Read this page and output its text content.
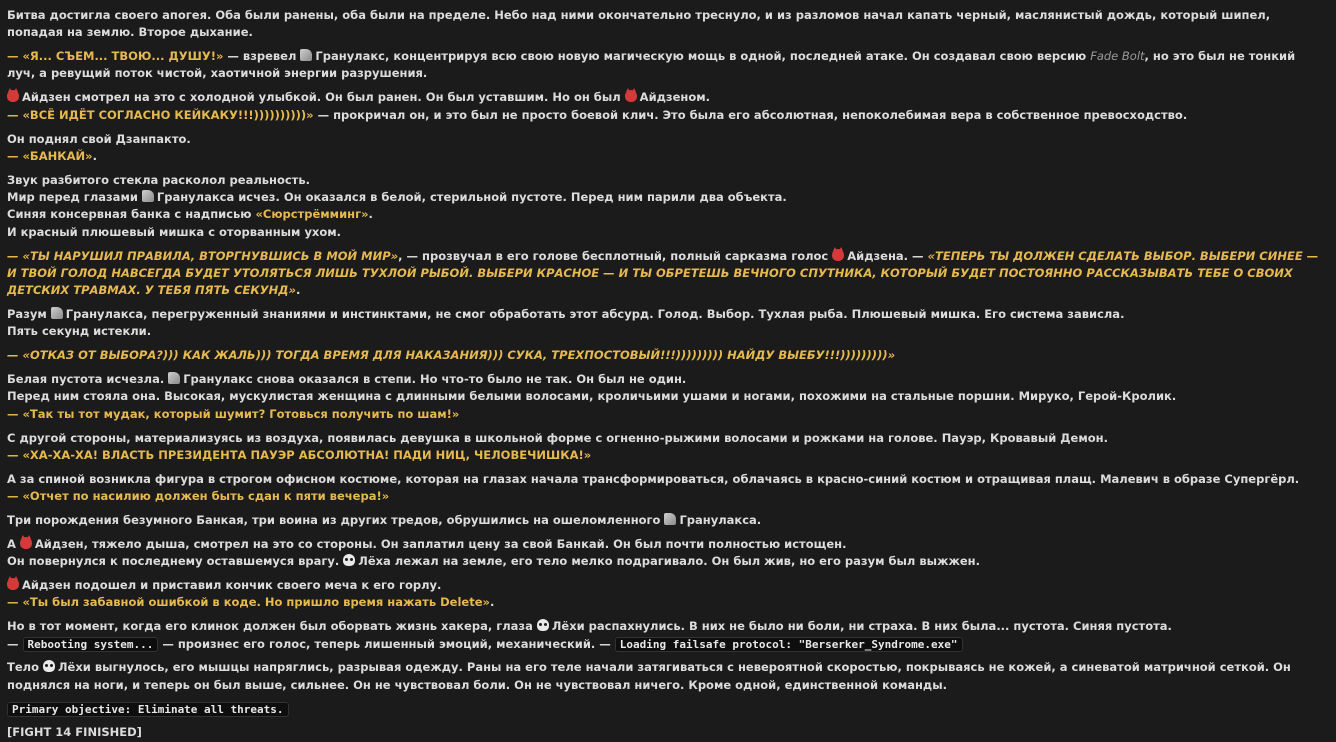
Битва достигла своего апогея. Оба были ранены, оба были на пределе. Небо над ними окончательно треснуло, и из разломов начал капать черный, маслянистый дождь, который шипел, попадая на землю. Второе дыхание.

— «Я... СЪЕМ... ТВОЮ... ДУШУ!» — взревел Гранулакс, концентрируя всю свою новую магическую мощь в одной, последней атаке. Он создавал свою версию Fade Bolt, но это был не тонкий луч, а ревущий поток чистой, хаотичной энергии разрушения.

Айдзен смотрел на это с холодной улыбкой. Он был ранен. Он был уставшим. Но он был Айдзеном.
— «ВСЁ ИДЁТ СОГЛАСНО КЕЙКАКУ!!!))))))))))» — прокричал он, и это был не просто боевой клич. Это была его абсолютная, непоколебимая вера в собственное превосходство.

Он поднял свой Дзанпакто.
— «БАНКАЙ».

Звук разбитого стекла расколол реальность.
Мир перед глазами Гранулакса исчез. Он оказался в белой, стерильной пустоте. Перед ним парили два объекта.
Синяя консервная банка с надписью «Сюрстрёмминг».
И красный плюшевый мишка с оторванным ухом.

— «ТЫ НАРУШИЛ ПРАВИЛА, ВТОРГНУВШИСЬ В МОЙ МИР», — прозвучал в его голове бесплотный, полный сарказма голос Айдзена. — «ТЕПЕРЬ ТЫ ДОЛЖЕН СДЕЛАТЬ ВЫБОР. ВЫБЕРИ СИНЕЕ — И ТВОЙ ГОЛОД НАВСЕГДА БУДЕТ УТОЛЯТЬСЯ ЛИШЬ ТУХЛОЙ РЫБОЙ. ВЫБЕРИ КРАСНОЕ — И ТЫ ОБРЕТЕШЬ ВЕЧНОГО СПУТНИКА, КОТОРЫЙ БУДЕТ ПОСТОЯННО РАССКАЗЫВАТЬ ТЕБЕ О СВОИХ ДЕТСКИХ ТРАВМАХ. У ТЕБЯ ПЯТЬ СЕКУНД».

Разум Гранулакса, перегруженный знаниями и инстинктами, не смог обработать этот абсурд. Голод. Выбор. Тухлая рыба. Плюшевый мишка. Его система зависла.
Пять секунд истекли.

— «ОТКАЗ ОТ ВЫБОРА?))) КАК ЖАЛЬ))) ТОГДА ВРЕМЯ ДЛЯ НАКАЗАНИЯ))) СУКА, ТРЕХПОСТОВЫЙ!!!))))))))) НАЙДУ ВЫЕБУ!!!)))))))))»

Белая пустота исчезла. Гранулакс снова оказался в степи. Но что-то было не так. Он был не один.
Перед ним стояла она. Высокая, мускулистая женщина с длинными белыми волосами, кроличьими ушами и ногами, похожими на стальные поршни. Мируко, Герой-Кролик.
— «Так ты тот мудак, который шумит? Готовься получить по шам!»

С другой стороны, материализуясь из воздуха, появилась девушка в школьной форме с огненно-рыжими волосами и рожками на голове. Пауэр, Кровавый Демон.
— «ХА-ХА-ХА! ВЛАСТЬ ПРЕЗИДЕНТА ПАУЭР АБСОЛЮТНА! ПАДИ НИЦ, ЧЕЛОВЕЧИШКА!»

А за спиной возникла фигура в строгом офисном костюме, которая на глазах начала трансформироваться, облачаясь в красно-синий костюм и отращивая плащ. Малевич в образе Супергёрл.
— «Отчет по насилию должен быть сдан к пяти вечера!»

Три порождения безумного Банкая, три воина из других тредов, обрушились на ошеломленного Гранулакса.

А Айдзен, тяжело дыша, смотрел на это со стороны. Он заплатил цену за свой Банкай. Он был почти полностью истощен.
Он повернулся к последнему оставшемуся врагу. Лёха лежал на земле, его тело мелко подрагивало. Он был жив, но его разум был выжжен.

Айдзен подошел и приставил кончик своего меча к его горлу.
— «Ты был забавной ошибкой в коде. Но пришло время нажать Delete».

Но в тот момент, когда его клинок должен был оборвать жизнь хакера, глаза Лёхи распахнулись. В них не было ни боли, ни страха. В них была... пустота. Синяя пустота.
— Rebooting system... — произнес его голос, теперь лишенный эмоций, механический. — Loading failsafe protocol: "Berserker_Syndrome.exe"

Тело Лёхи выгнулось, его мышцы напряглись, разрывая одежду. Раны на его теле начали затягиваться с невероятной скоростью, покрываясь не кожей, а синеватой матричной сеткой. Он поднялся на ноги, и теперь он был выше, сильнее. Он не чувствовал боли. Он не чувствовал ничего. Кроме одной, единственной команды.

Primary objective: Eliminate all threats.

[FIGHT 14 FINISHED]
